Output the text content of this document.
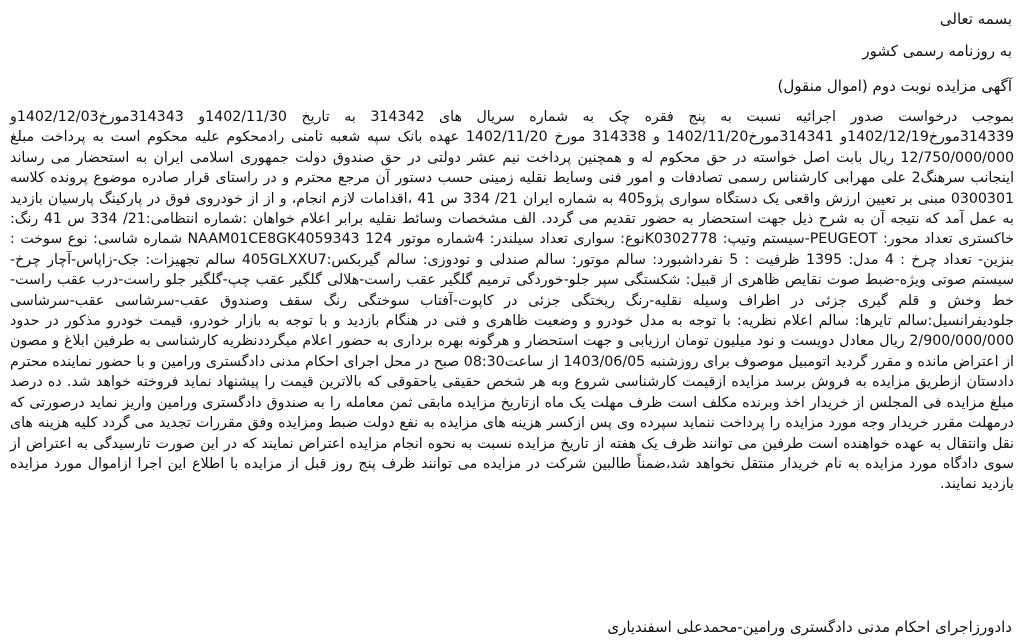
بسمه تعالی

به روزنامه رسمی کشور

آگهی مزایده نوبت دوم (اموال منقول)

بموجب درخواست صدور اجرائیه نسبت به پنج فقره چک به شماره سریال های 314342 به تاریخ 1402/11/30و 314343مورخ1402/12/03و 314339مورخ1402/12/19و 314341مورخ1402/11/20 و 314338 مورخ 1402/11/20 عهده بانک سپه شعبه ثامنی رادمحکوم علیه محکوم است به پرداخت مبلغ 12/750/000/000 ریال بابت اصل خواسته در حق محکوم له و همچنین پرداخت نیم عشر دولتی در حق صندوق دولت جمهوری اسلامی ایران به استحضار می رساند اینجانب سرهنگ2 علی مهرابی کارشناس رسمی تصادفات و امور فنی وسایط نقلیه زمینی حسب دستور آن مرجع محترم و در راستای قرار صادره موضوع پرونده کلاسه 0300301 مبنی بر تعیین ارزش واقعی یک دستگاه سواری پژو405 به شماره ایران 21/ 334 س 41 ،اقدامات لازم انجام، و از از خودروی فوق در پارکینگ پارسیان بازدید به عمل آمد که نتیجه آن به شرح ذیل جهت استحضار به حضور تقدیم می گردد. الف مشخصات وسائط نقلیه برابر اعلام خواهان :شماره انتظامی:21/ 334 س 41 رنگ: خاکستری تعداد محور: PEUGEOT-سیستم وتیپ: K0302778نوع: سواری تعداد سیلندر: 4شماره موتور 124 NAAM01CE8GK4059343 شماره شاسی: نوع سوخت : بنزین- تعداد چرخ : 4 مدل: 1395 ظرفیت : 5 نفرداشبورد: سالم موتور: سالم صندلی و تودوزی: سالم گیربکس:405GLXXU7 سالم تجهیزات: جک-زاپاس-آچار چرخ-سیستم صوتی ویژه-ضبط صوت نقایص ظاهری از قبیل: شکستگی سپر جلو-خوردگی ترمیم گلگیر عقب راست-هلالی گلگیر عقب چپ-گلگیر جلو راست-درب عقب راست-خط وخش و قلم گیری جزئی در اطراف وسیله نقلیه-رنگ ریختگی جزئی در کاپوت-آفتاب سوختگی رنگ سقف وصندوق عقب-سرشاسی عقب-سرشاسی جلودیفرانسیل:سالم تایرها: سالم اعلام نظریه: با توجه به مدل خودرو و وضعیت ظاهری و فنی در هنگام بازدید و با توجه به بازار خودرو، قیمت خودرو مذکور در حدود 2/900/000/000 ریال معادل دویست و نود میلیون تومان ارزیابی و جهت استحضار و هرگونه بهره برداری به حضور اعلام میگرددنظریه کارشناسی به طرفین ابلاغ و مصون از اعتراض مانده و مقرر گردید اتومبیل موصوف برای روزشنبه 1403/06/05 از ساعت08:30 صبح در محل اجرای احکام مدنی دادگستری ورامین و با حضور نماینده محترم دادستان ازطریق مزایده به فروش برسد مزایده ازقیمت کارشناسی شروع وبه هر شخص حقیقی یاحقوقی که بالاترین قیمت را پیشنهاد نماید فروخته خواهد شد. ده درصد مبلغ مزایده فی المجلس از خریدار اخذ وبرنده مکلف است ظرف مهلت یک ماه ازتاریخ مزایده مابقی ثمن معامله را به صندوق دادگستری ورامین واریز نماید درصورتی که درمهلت مقرر خریدار وجه مورد مزایده را پرداخت ننماید سپرده وی پس ازکسر هزینه های مزایده به نفع دولت ضبط ومزایده وفق مقررات تجدید می گردد کلیه هزینه های نقل وانتقال به عهده خواهنده است طرفین می توانند ظرف یک هفته از تاریخ مزایده نسبت به نحوه انجام مزایده اعتراض نمایند که در این صورت تارسیدگی به اعتراض از سوی دادگاه مورد مزایده به نام خریدار منتقل نخواهد شد،ضمناً طالبین شرکت در مزایده می توانند ظرف پنج روز قبل از مزایده با اطلاع این اجرا ازاموال مورد مزایده بازدید نمایند.

دادورزاجرای احکام مدنی دادگستری ورامین-محمدعلی اسفندیاری
